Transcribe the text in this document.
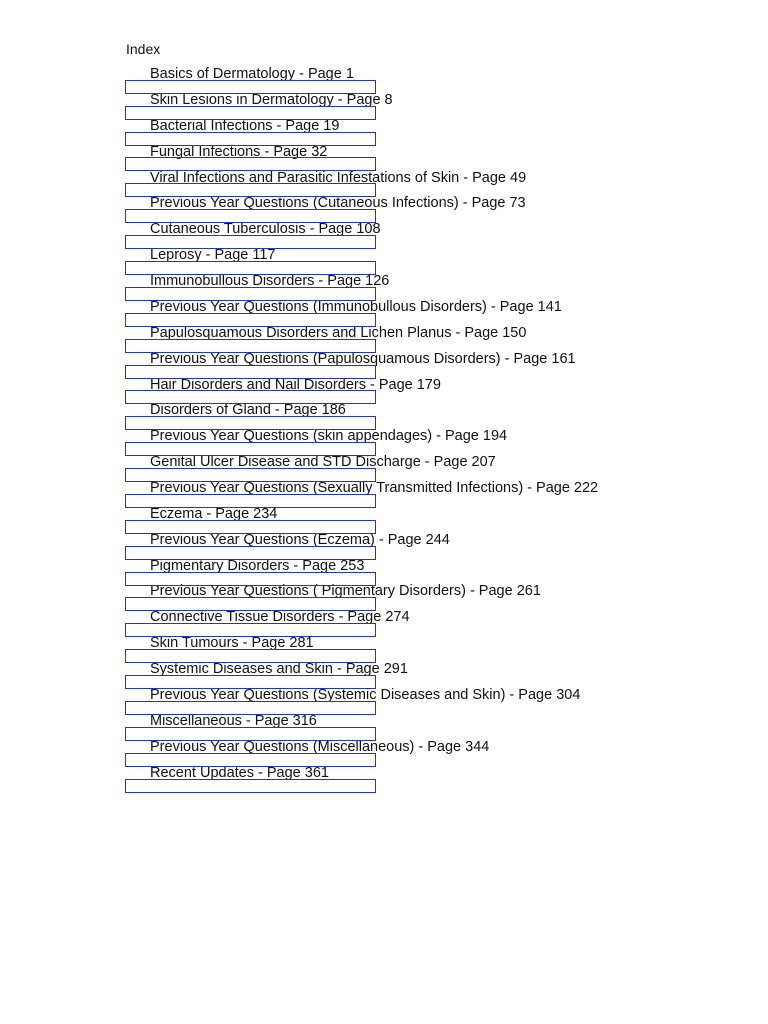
Index
Basics of Dermatology - Page 1
Skin Lesions in Dermatology - Page 8
Bacterial Infections - Page 19
Fungal Infections - Page 32
Viral Infections and Parasitic Infestations of Skin - Page 49
Previous Year Questions (Cutaneous Infections) - Page 73
Cutaneous Tuberculosis - Page 108
Leprosy - Page 117
Immunobullous Disorders - Page 126
Previous Year Questions (Immunobullous Disorders) - Page 141
Papulosquamous Disorders and Lichen Planus - Page 150
Previous Year Questions (Papulosquamous Disorders) - Page 161
Hair Disorders and Nail Disorders - Page 179
Disorders of Gland - Page 186
Previous Year Questions (skin appendages) - Page 194
Genital Ulcer Disease and STD Discharge - Page 207
Previous Year Questions (Sexually Transmitted Infections) - Page 222
Eczema - Page 234
Previous Year Questions (Eczema) - Page 244
Pigmentary Disorders - Page 253
Previous Year Questions ( Pigmentary Disorders) - Page 261
Connective Tissue Disorders - Page 274
Skin Tumours - Page 281
Systemic Diseases and Skin - Page 291
Previous Year Questions (Systemic Diseases and Skin) - Page 304
Miscellaneous - Page 316
Previous Year Questions (Miscellaneous) - Page 344
Recent Updates - Page 361
